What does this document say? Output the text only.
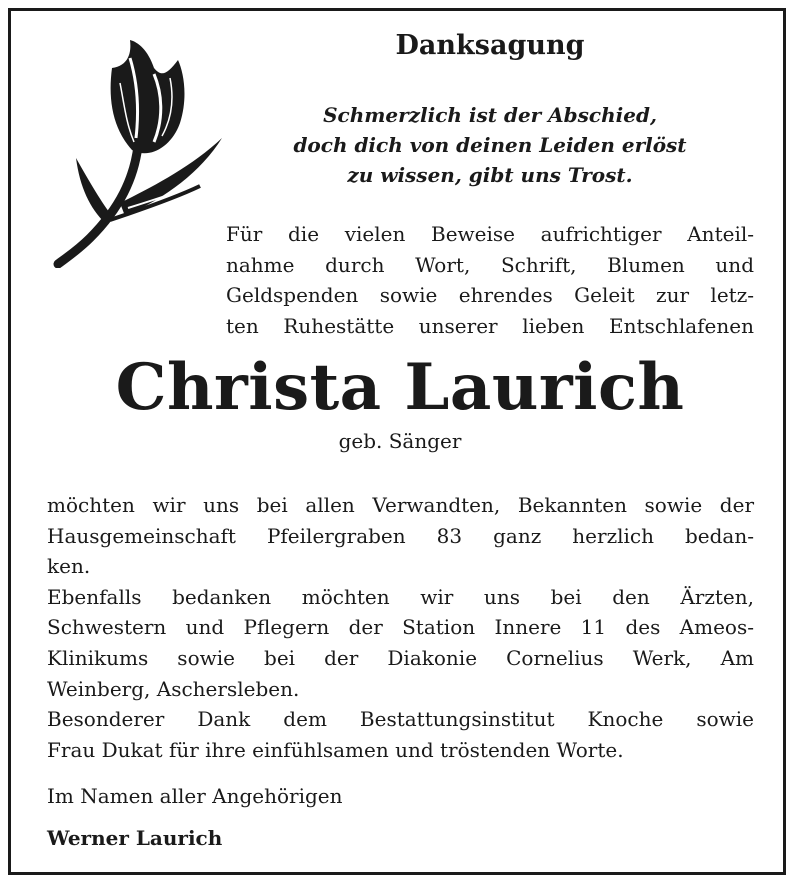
Danksagung

Schmerzlich ist der Abschied,
doch dich von deinen Leiden erlöst
zu wissen, gibt uns Trost.

Für die vielen Beweise aufrichtiger Anteil-
nahme durch Wort, Schrift, Blumen und
Geldspenden sowie ehrendes Geleit zur letz-
ten Ruhestätte unserer lieben Entschlafenen

Christa Laurich

geb. Sänger

möchten wir uns bei allen Verwandten, Bekannten sowie der
Hausgemeinschaft Pfeilergraben 83 ganz herzlich bedan-
ken.
Ebenfalls bedanken möchten wir uns bei den Ärzten,
Schwestern und Pflegern der Station Innere 11 des Ameos-
Klinikums sowie bei der Diakonie Cornelius Werk, Am
Weinberg, Aschersleben.
Besonderer Dank dem Bestattungsinstitut Knoche sowie
Frau Dukat für ihre einfühlsamen und tröstenden Worte.

Im Namen aller Angehörigen

Werner Laurich
